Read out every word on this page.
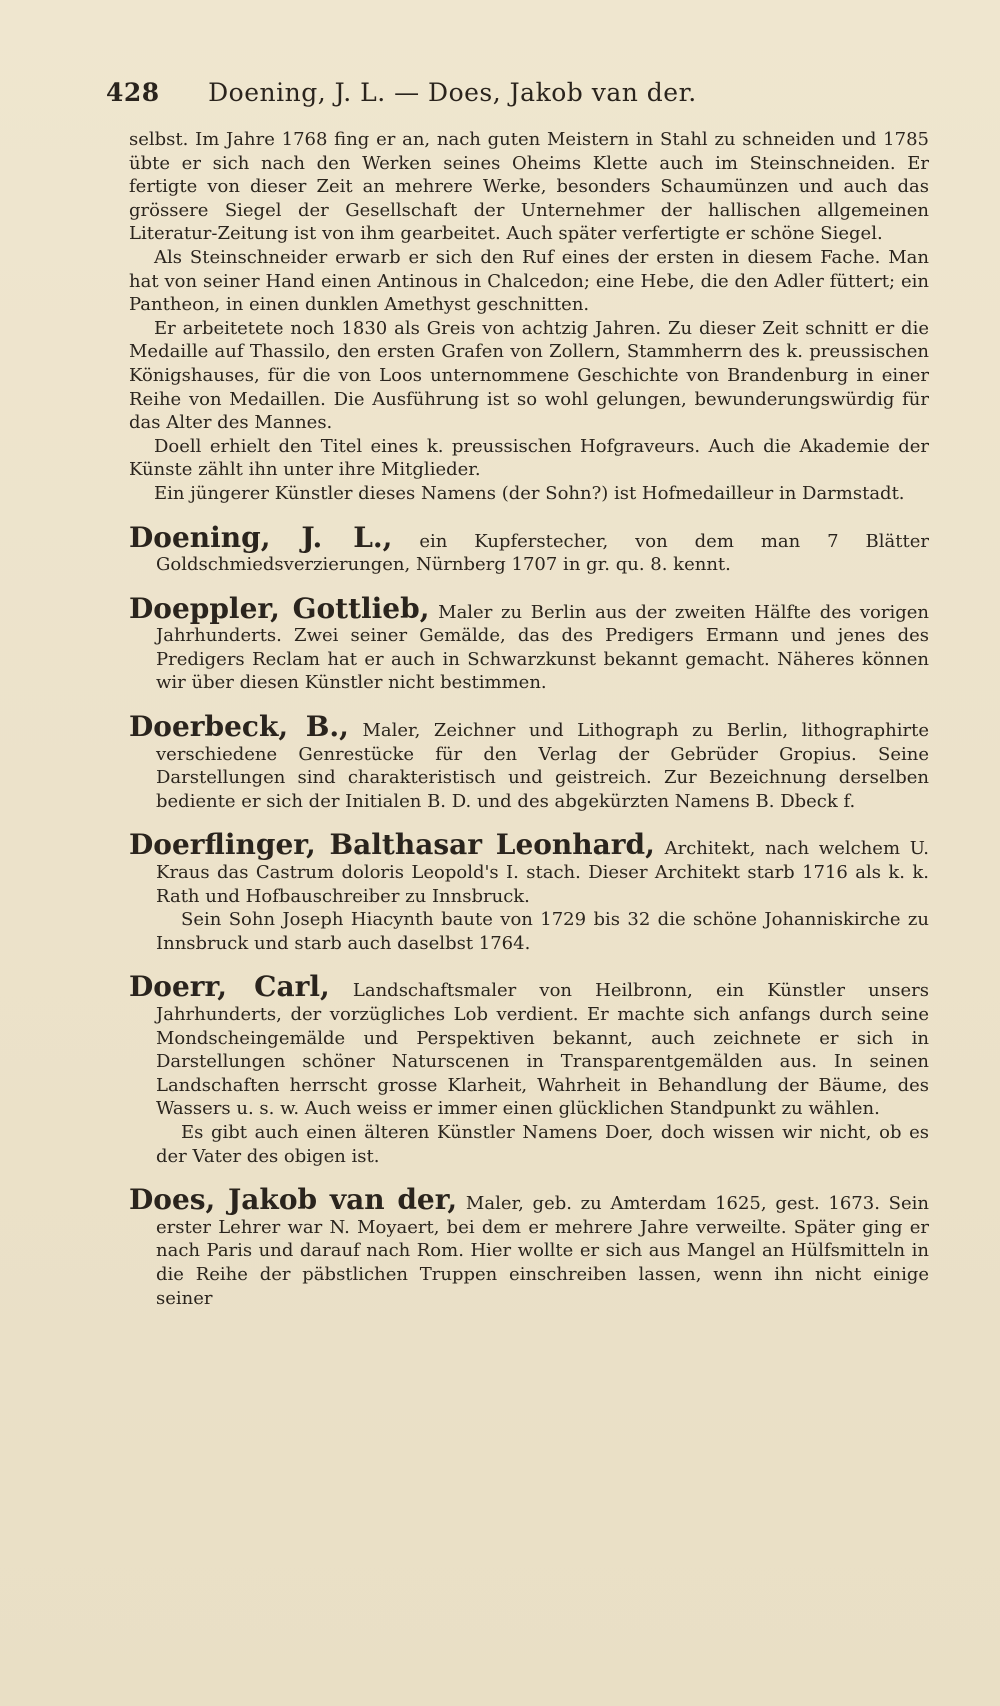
428 Doening, J. L. — Does, Jakob van der.

selbst. Im Jahre 1768 fing er an, nach guten Meistern in Stahl zu schneiden und 1785 übte er sich nach den Werken seines Oheims Klette auch im Steinschneiden. Er fertigte von dieser Zeit an mehrere Werke, besonders Schaumünzen und auch das grössere Siegel der Gesellschaft der Unternehmer der hallischen allgemeinen Literatur-Zeitung ist von ihm gearbeitet. Auch später verfertigte er schöne Siegel.

Als Steinschneider erwarb er sich den Ruf eines der ersten in diesem Fache. Man hat von seiner Hand einen Antinous in Chalcedon; eine Hebe, die den Adler füttert; ein Pantheon, in einen dunklen Amethyst geschnitten.

Er arbeitetete noch 1830 als Greis von achtzig Jahren. Zu dieser Zeit schnitt er die Medaille auf Thassilo, den ersten Grafen von Zollern, Stammherrn des k. preussischen Königshauses, für die von Loos unternommene Geschichte von Brandenburg in einer Reihe von Medaillen. Die Ausführung ist so wohl gelungen, bewunderungswürdig für das Alter des Mannes.

Doell erhielt den Titel eines k. preussischen Hofgraveurs. Auch die Akademie der Künste zählt ihn unter ihre Mitglieder.

Ein jüngerer Künstler dieses Namens (der Sohn?) ist Hofmedailleur in Darmstadt.

Doening, J. L., ein Kupferstecher, von dem man 7 Blätter Goldschmiedsverzierungen, Nürnberg 1707 in gr. qu. 8. kennt.

Doeppler, Gottlieb, Maler zu Berlin aus der zweiten Hälfte des vorigen Jahrhunderts. Zwei seiner Gemälde, das des Predigers Ermann und jenes des Predigers Reclam hat er auch in Schwarzkunst bekannt gemacht. Näheres können wir über diesen Künstler nicht bestimmen.

Doerbeck, B., Maler, Zeichner und Lithograph zu Berlin, lithographirte verschiedene Genrestücke für den Verlag der Gebrüder Gropius. Seine Darstellungen sind charakteristisch und geistreich. Zur Bezeichnung derselben bediente er sich der Initialen B. D. und des abgekürzten Namens B. Dbeck f.

Doerflinger, Balthasar Leonhard, Architekt, nach welchem U. Kraus das Castrum doloris Leopold's I. stach. Dieser Architekt starb 1716 als k. k. Rath und Hofbauschreiber zu Innsbruck.

Sein Sohn Joseph Hiacynth baute von 1729 bis 32 die schöne Johanniskirche zu Innsbruck und starb auch daselbst 1764.

Doerr, Carl, Landschaftsmaler von Heilbronn, ein Künstler unsers Jahrhunderts, der vorzügliches Lob verdient. Er machte sich anfangs durch seine Mondscheingemälde und Perspektiven bekannt, auch zeichnete er sich in Darstellungen schöner Naturscenen in Transparentgemälden aus. In seinen Landschaften herrscht grosse Klarheit, Wahrheit in Behandlung der Bäume, des Wassers u. s. w. Auch weiss er immer einen glücklichen Standpunkt zu wählen.

Es gibt auch einen älteren Künstler Namens Doer, doch wissen wir nicht, ob es der Vater des obigen ist.

Does, Jakob van der, Maler, geb. zu Amterdam 1625, gest. 1673. Sein erster Lehrer war N. Moyaert, bei dem er mehrere Jahre verweilte. Später ging er nach Paris und darauf nach Rom. Hier wollte er sich aus Mangel an Hülfsmitteln in die Reihe der päbstlichen Truppen einschreiben lassen, wenn ihn nicht einige seiner
